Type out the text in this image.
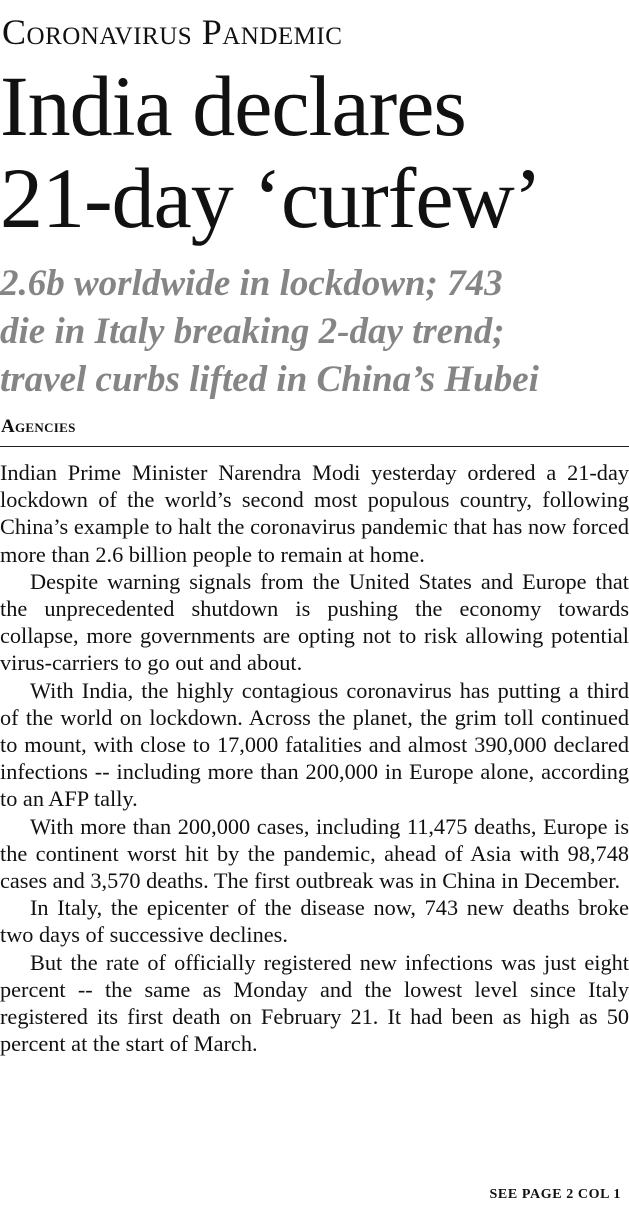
Coronavirus Pandemic
India declares
21-day ‘curfew’
2.6b worldwide in lockdown; 743
die in Italy breaking 2-day trend;
travel curbs lifted in China’s Hubei
Agencies

Indian Prime Minister Narendra Modi yesterday ordered a 21-day lockdown of the world’s second most populous country, following China’s example to halt the coronavirus pandemic that has now forced more than 2.6 billion people to remain at home.

Despite warning signals from the United States and Europe that the unprecedented shutdown is pushing the economy towards collapse, more governments are opting not to risk allowing potential virus-carriers to go out and about.

With India, the highly contagious coronavirus has putting a third of the world on lockdown. Across the planet, the grim toll continued to mount, with close to 17,000 fatalities and almost 390,000 declared infections -- including more than 200,000 in Europe alone, according to an AFP tally.

With more than 200,000 cases, including 11,475 deaths, Europe is the continent worst hit by the pandemic, ahead of Asia with 98,748 cases and 3,570 deaths. The first outbreak was in China in December.

In Italy, the epicenter of the disease now, 743 new deaths broke two days of successive declines.

But the rate of officially registered new infections was just eight percent -- the same as Monday and the lowest level since Italy registered its first death on February 21. It had been as high as 50 percent at the start of March.

SEE PAGE 2 COL 1
